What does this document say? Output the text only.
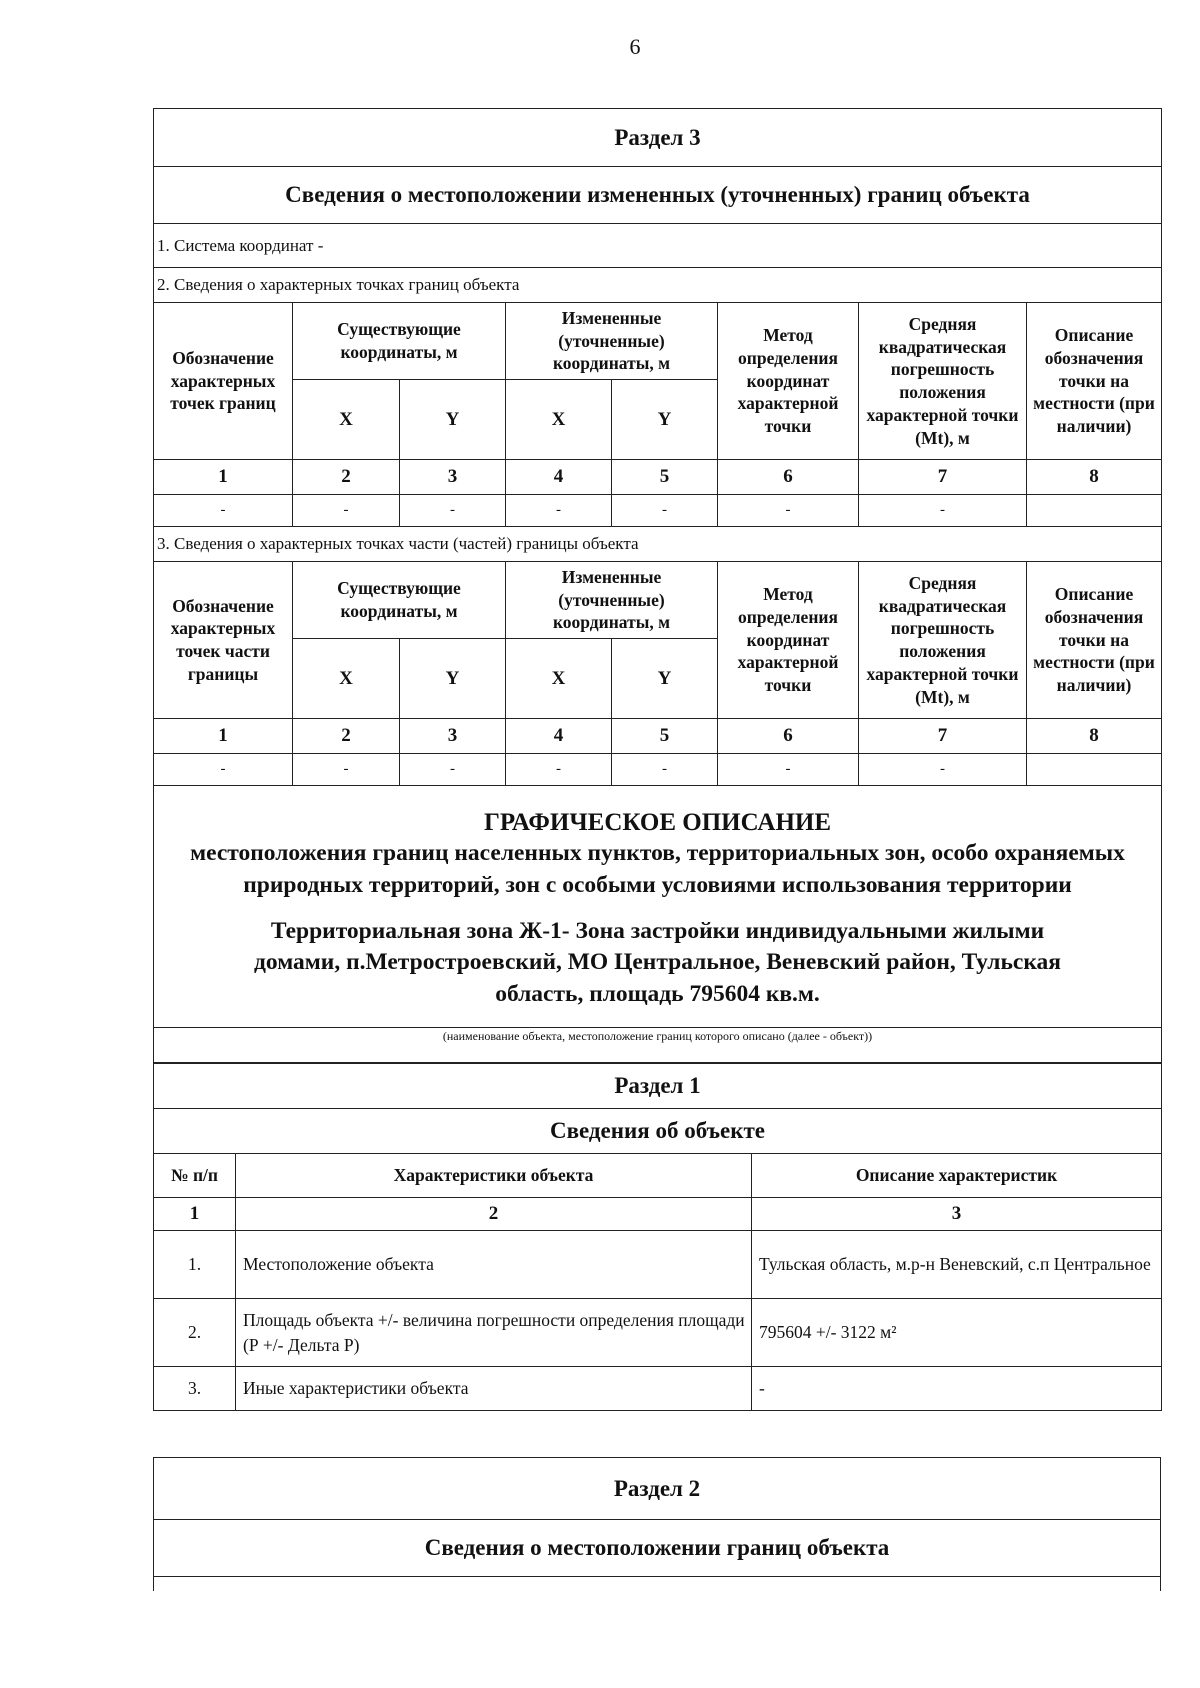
6
Раздел 3							
Сведения о местоположении измененных (уточненных) границ объекта							
1. Система координат -							
2. Сведения о характерных точках границ объекта							
Обозначение характерных точек границ	Существующие координаты, м		Измененные (уточненные) координаты, м		Метод определения координат характерной точки	Средняя квадратическая погрешность положения характерной точки (Mt), м	Описание обозначения точки на местности (при наличии)
	X	Y	X	Y			
1	2	3	4	5	6	7	8
-	-	-	-	-	-	-	
3. Сведения о характерных точках части (частей) границы объекта							
Обозначение характерных точек части границы	Существующие координаты, м		Измененные (уточненные) координаты, м		Метод определения координат характерной точки	Средняя квадратическая погрешность положения характерной точки (Mt), м	Описание обозначения точки на местности (при наличии)
	X	Y	X	Y			
1	2	3	4	5	6	7	8
-	-	-	-	-	-	-	

ГРАФИЧЕСКОЕ ОПИСАНИЕ
местоположения границ населенных пунктов, территориальных зон, особо охраняемых природных территорий, зон с особыми условиями использования территории
Территориальная зона Ж-1- Зона застройки индивидуальными жилыми
домами, п.Метростроевский, МО Центральное, Веневский район, Тульская
область, площадь 795604 кв.м.							

(наименование объекта, местоположение границ которого описано (далее - объект))							
Раздел 1		
Сведения об объекте		
№ п/п	Характеристики объекта	Описание характеристик
1	2	3
1.	Местоположение объекта	Тульская область, м.р-н Веневский, с.п Центральное
2.	Площадь объекта +/- величина погрешности определения площади (Р +/- Дельта Р)	795604 +/- 3122 м²
3.	Иные характеристики объекта	-
Раздел 2
Сведения о местоположении границ объекта
